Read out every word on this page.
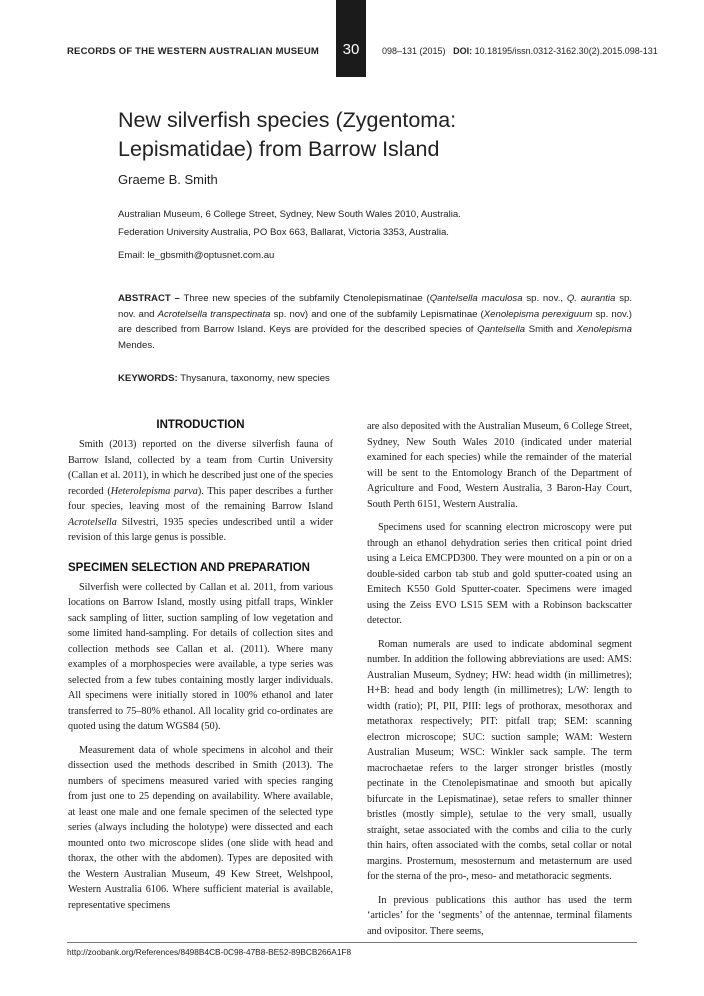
RECORDS OF THE WESTERN AUSTRALIAN MUSEUM	30	098–131 (2015) DOI: 10.18195/issn.0312-3162.30(2).2015.098-131
New silverfish species (Zygentoma: Lepismatidae) from Barrow Island
Graeme B. Smith
Australian Museum, 6 College Street, Sydney, New South Wales 2010, Australia.
Federation University Australia, PO Box 663, Ballarat, Victoria 3353, Australia.
Email: le_gbsmith@optusnet.com.au
ABSTRACT – Three new species of the subfamily Ctenolepismatinae (Qantelsella maculosa sp. nov., Q. aurantia sp. nov. and Acrotelsella transpectinata sp. nov) and one of the subfamily Lepismatinae (Xenolepisma perexiguum sp. nov.) are described from Barrow Island. Keys are provided for the described species of Qantelsella Smith and Xenolepisma Mendes.
KEYWORDS: Thysanura, taxonomy, new species
INTRODUCTION

Smith (2013) reported on the diverse silverfish fauna of Barrow Island, collected by a team from Curtin University (Callan et al. 2011), in which he described just one of the species recorded (Heterolepisma parva). This paper describes a further four species, leaving most of the remaining Barrow Island Acrotelsella Silvestri, 1935 species undescribed until a wider revision of this large genus is possible.

SPECIMEN SELECTION AND PREPARATION

Silverfish were collected by Callan et al. 2011, from various locations on Barrow Island, mostly using pitfall traps, Winkler sack sampling of litter, suction sampling of low vegetation and some limited hand-sampling. For details of collection sites and collection methods see Callan et al. (2011). Where many examples of a morphospecies were available, a type series was selected from a few tubes containing mostly larger individuals. All specimens were initially stored in 100% ethanol and later transferred to 75–80% ethanol. All locality grid co-ordinates are quoted using the datum WGS84 (50).

Measurement data of whole specimens in alcohol and their dissection used the methods described in Smith (2013). The numbers of specimens measured varied with species ranging from just one to 25 depending on availability. Where available, at least one male and one female specimen of the selected type series (always including the holotype) were dissected and each mounted onto two microscope slides (one slide with head and thorax, the other with the abdomen). Types are deposited with the Western Australian Museum, 49 Kew Street, Welshpool, Western Australia 6106. Where sufficient material is available, representative specimens

are also deposited with the Australian Museum, 6 College Street, Sydney, New South Wales 2010 (indicated under material examined for each species) while the remainder of the material will be sent to the Entomology Branch of the Department of Agriculture and Food, Western Australia, 3 Baron-Hay Court, South Perth 6151, Western Australia.

Specimens used for scanning electron microscopy were put through an ethanol dehydration series then critical point dried using a Leica EMCPD300. They were mounted on a pin or on a double-sided carbon tab stub and gold sputter-coated using an Emitech K550 Gold Sputter-coater. Specimens were imaged using the Zeiss EVO LS15 SEM with a Robinson backscatter detector.

Roman numerals are used to indicate abdominal segment number. In addition the following abbreviations are used: AMS: Australian Museum, Sydney; HW: head width (in millimetres); H+B: head and body length (in millimetres); L/W: length to width (ratio); PI, PII, PIII: legs of prothorax, mesothorax and metathorax respectively; PIT: pitfall trap; SEM: scanning electron microscope; SUC: suction sample; WAM: Western Australian Museum; WSC: Winkler sack sample. The term macrochaetae refers to the larger stronger bristles (mostly pectinate in the Ctenolepismatinae and smooth but apically bifurcate in the Lepismatinae), setae refers to smaller thinner bristles (mostly simple), setulae to the very small, usually straight, setae associated with the combs and cilia to the curly thin hairs, often associated with the combs, setal collar or notal margins. Prosternum, mesosternum and metasternum are used for the sterna of the pro-, meso- and metathoracic segments.

In previous publications this author has used the term ‘articles’ for the ‘segments’ of the antennae, terminal filaments and ovipositor. There seems,

http://zoobank.org/References/8498B4CB-0C98-47B8-BE52-89BCB266A1F8
